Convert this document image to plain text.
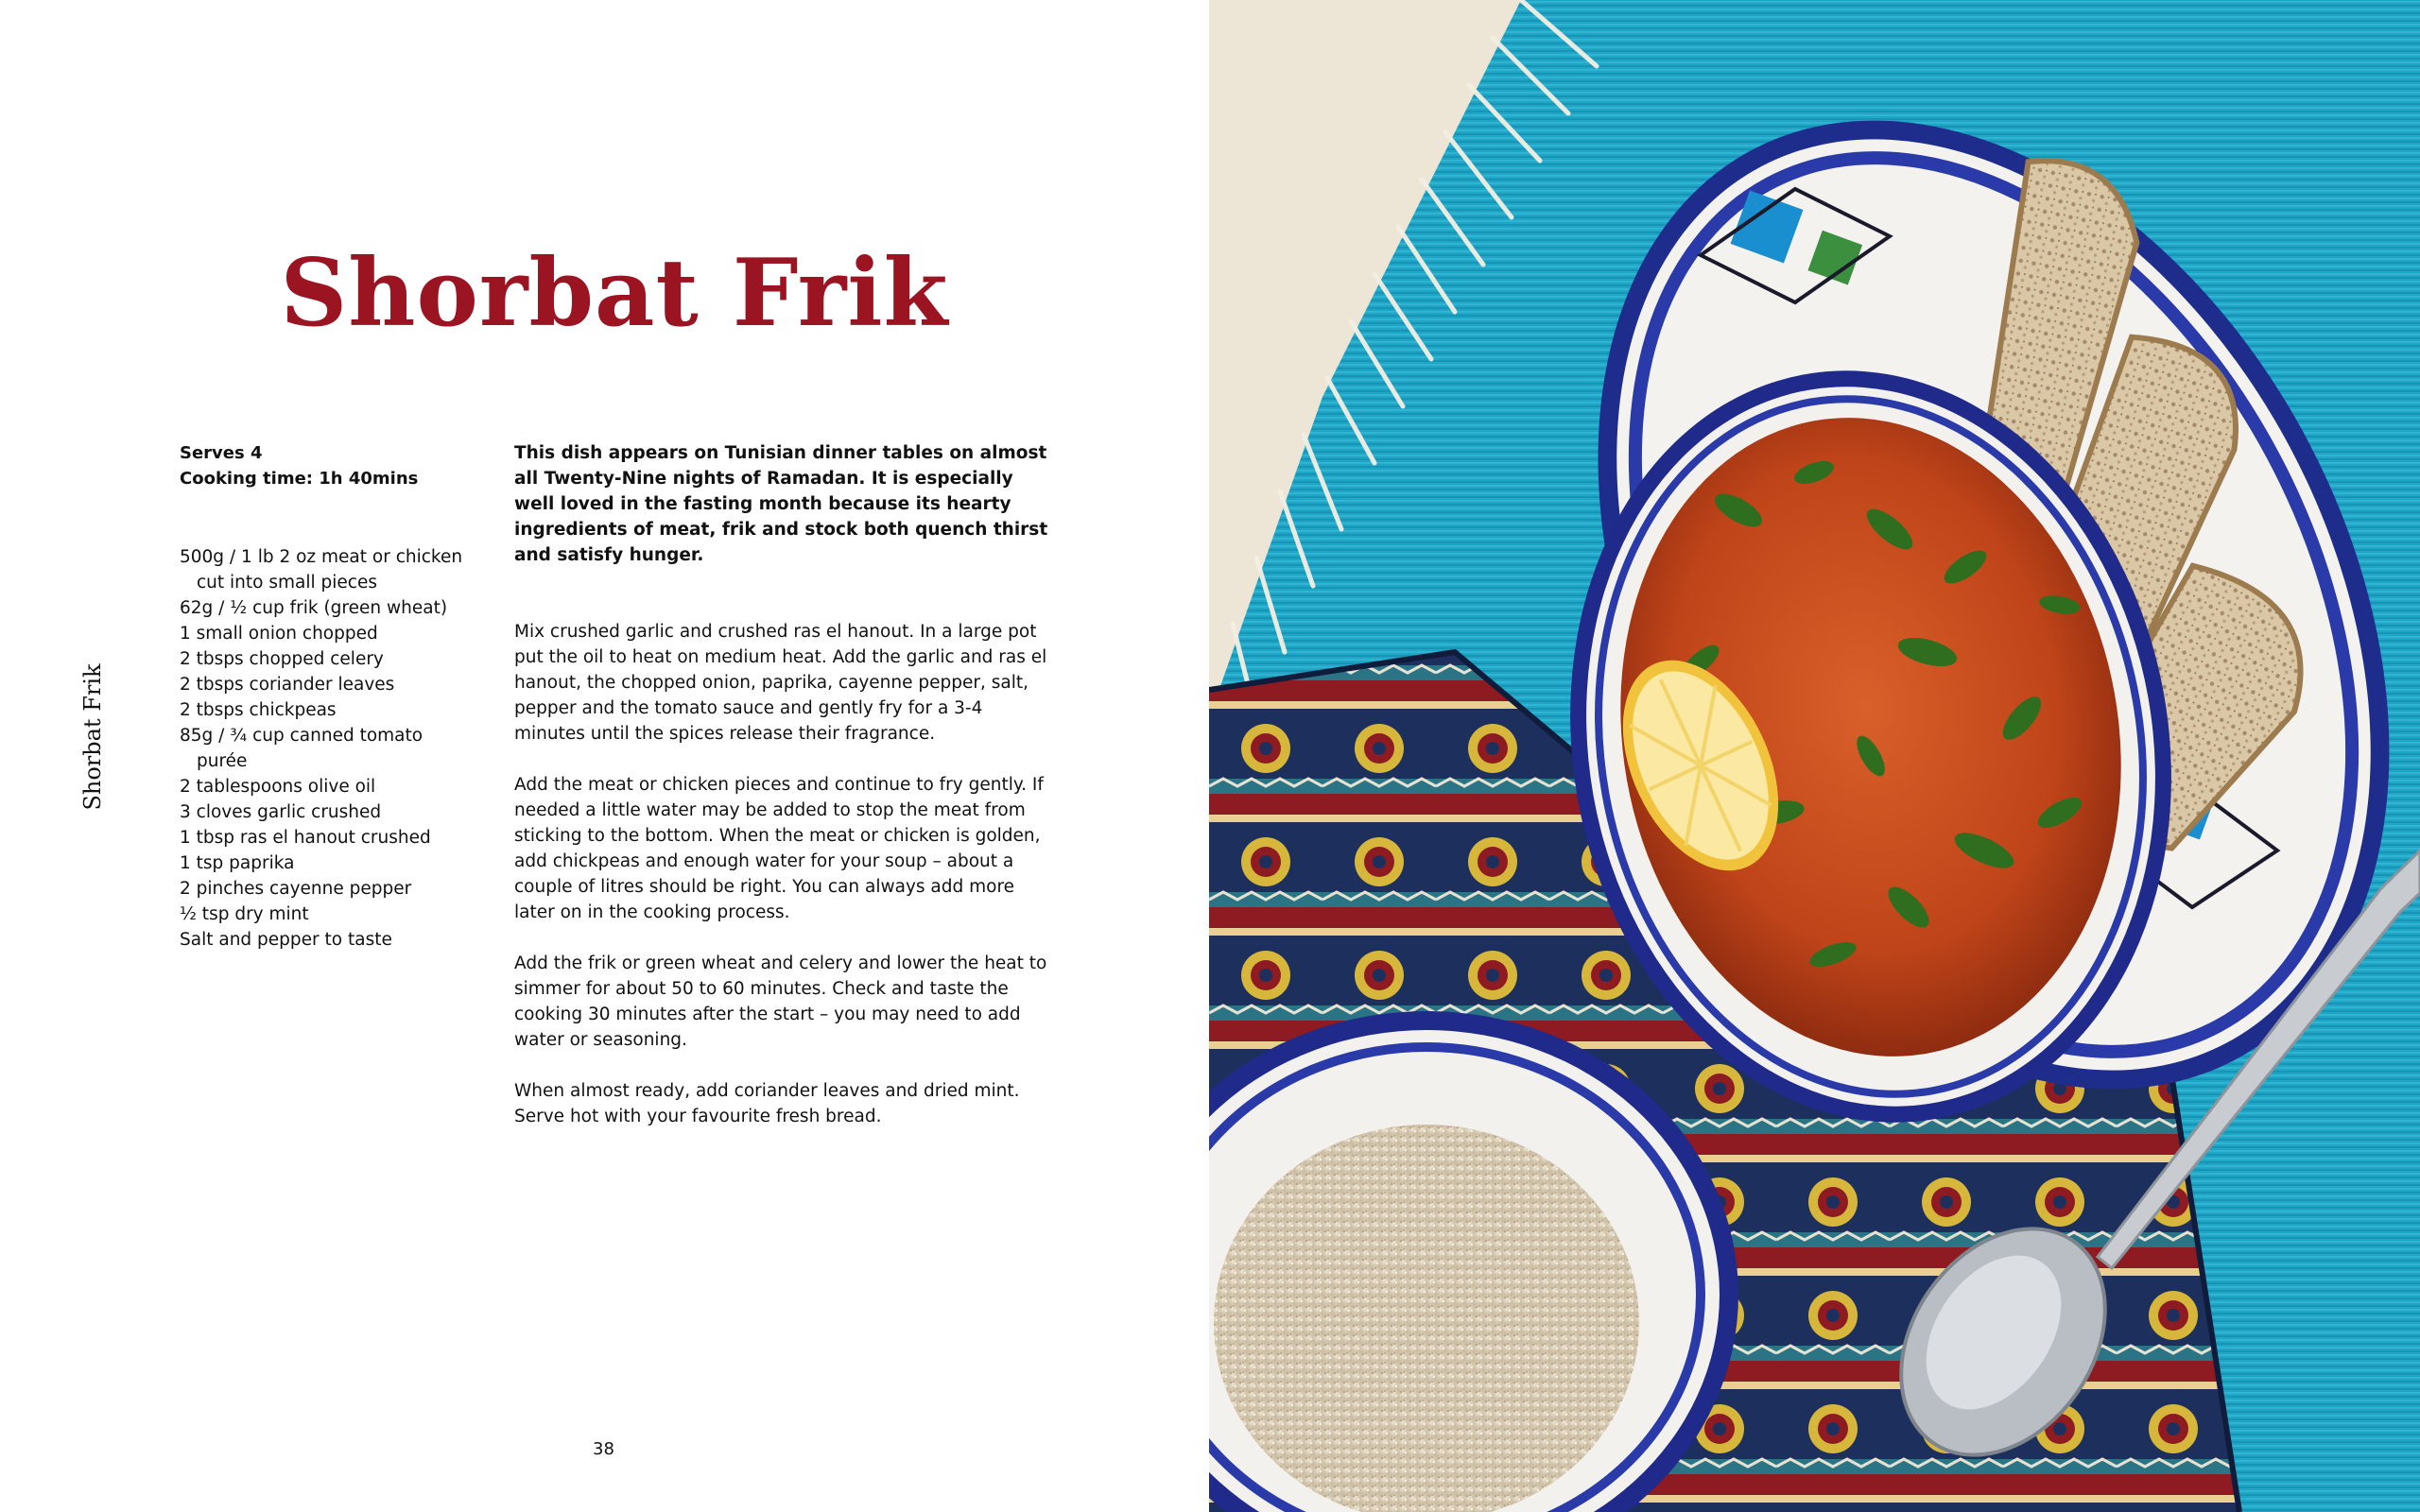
Shorbat Frik
Shorbat Frik
Serves 4
Cooking time: 1h 40mins
500g / 1 lb 2 oz meat or chicken cut into small pieces
62g / ½ cup frik (green wheat)
1 small onion chopped
2 tbsps chopped celery
2 tbsps coriander leaves
2 tbsps chickpeas
85g / ¾ cup canned tomato purée
2 tablespoons olive oil
3 cloves garlic crushed
1 tbsp ras el hanout crushed
1 tsp paprika
2 pinches cayenne pepper
½ tsp dry mint
Salt and pepper to taste

This dish appears on Tunisian dinner tables on almost all Twenty-Nine nights of Ramadan. It is especially well loved in the fasting month because its hearty ingredients of meat, frik and stock both quench thirst and satisfy hunger.

Mix crushed garlic and crushed ras el hanout. In a large pot put the oil to heat on medium heat. Add the garlic and ras el hanout, the chopped onion, paprika, cayenne pepper, salt, pepper and the tomato sauce and gently fry for a 3-4 minutes until the spices release their fragrance.

Add the meat or chicken pieces and continue to fry gently. If needed a little water may be added to stop the meat from sticking to the bottom. When the meat or chicken is golden, add chickpeas and enough water for your soup – about a couple of litres should be right. You can always add more later on in the cooking process.

Add the frik or green wheat and celery and lower the heat to simmer for about 50 to 60 minutes. Check and taste the cooking 30 minutes after the start – you may need to add water or seasoning.

When almost ready, add coriander leaves and dried mint. Serve hot with your favourite fresh bread.

38
